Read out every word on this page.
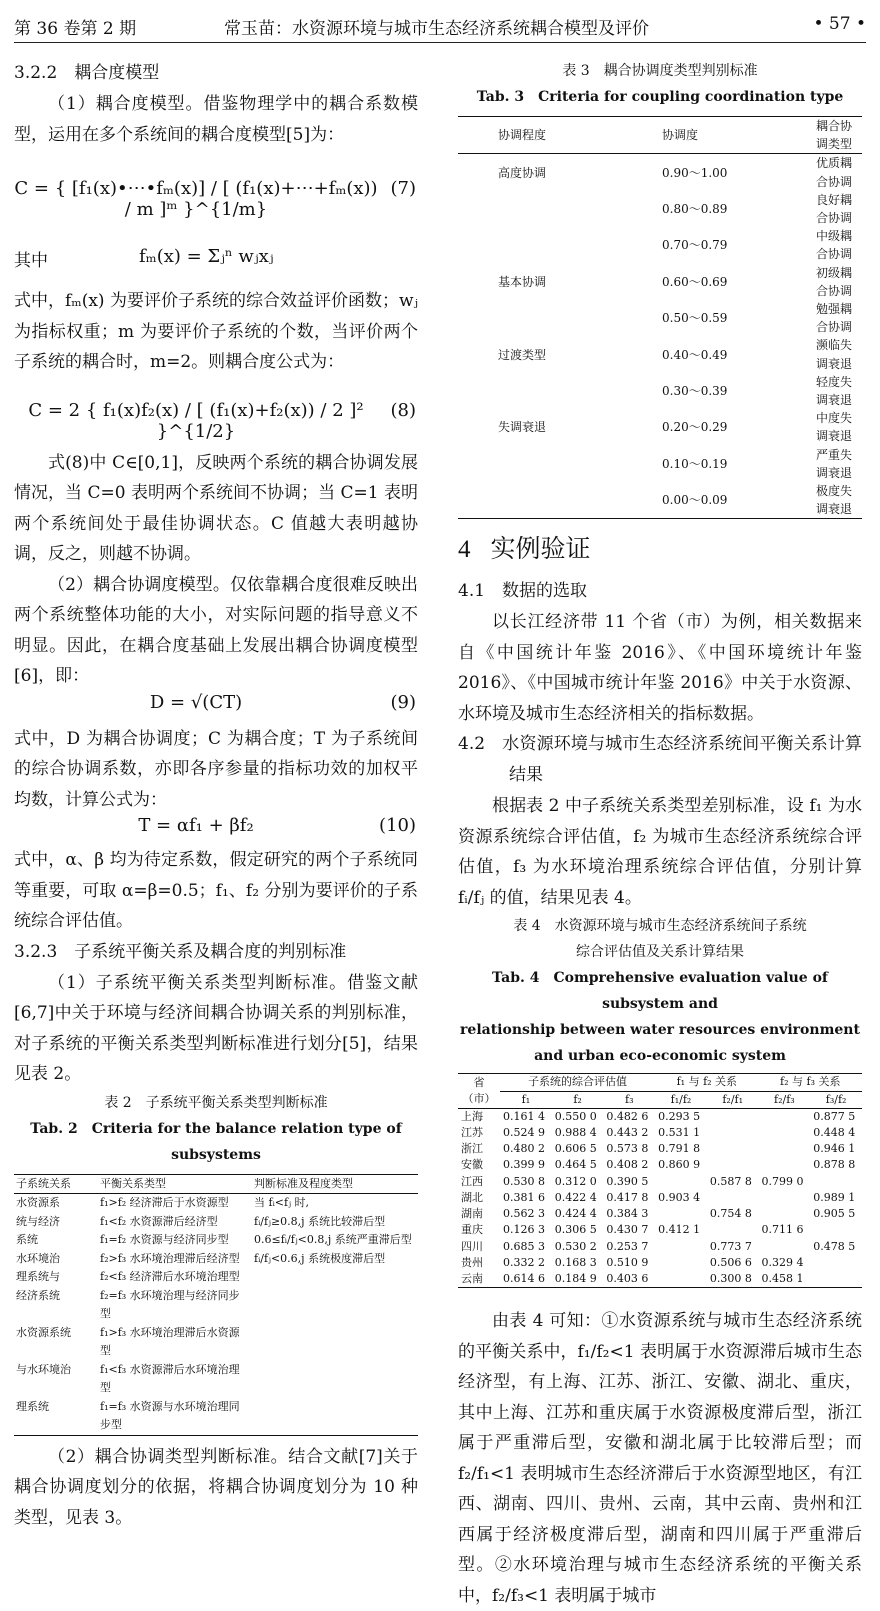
第 36 卷第 2 期	常玉苗：水资源环境与城市生态经济系统耦合模型及评价	• 57 •

3.2.2　耦合度模型

（1）耦合度模型。借鉴物理学中的耦合系数模型，运用在多个系统间的耦合度模型[5]为：

C = { [f₁(x)•⋯•fₘ(x)] / [ (f₁(x)+⋯+fₘ(x)) / m ]ᵐ }^{1/m}
(7)
其中	fₘ(x) = Σⱼⁿ wⱼxⱼ

式中，fₘ(x) 为要评价子系统的综合效益评价函数；wⱼ 为指标权重；m 为要评价子系统的个数，当评价两个子系统的耦合时，m=2。则耦合度公式为：

C = 2 { f₁(x)f₂(x) / [ (f₁(x)+f₂(x)) / 2 ]² }^{1/2}
(8)

式(8)中 C∈[0,1]，反映两个系统的耦合协调发展情况，当 C=0 表明两个系统间不协调；当 C=1 表明两个系统间处于最佳协调状态。C 值越大表明越协调，反之，则越不协调。

（2）耦合协调度模型。仅依靠耦合度很难反映出两个系统整体功能的大小，对实际问题的指导意义不明显。因此，在耦合度基础上发展出耦合协调度模型[6]，即：

D = √(CT)	(9)

式中，D 为耦合协调度；C 为耦合度；T 为子系统间的综合协调系数，亦即各序参量的指标功效的加权平均数，计算公式为：

T = αf₁ + βf₂	(10)

式中，α、β 均为待定系数，假定研究的两个子系统同等重要，可取 α=β=0.5；f₁、f₂ 分别为要评价的子系统综合评估值。

3.2.3　子系统平衡关系及耦合度的判别标准

（1）子系统平衡关系类型判断标准。借鉴文献[6,7]中关于环境与经济间耦合协调关系的判别标准，对子系统的平衡关系类型判断标准进行划分[5]，结果见表 2。

表 2　子系统平衡关系类型判断标准

Tab. 2　Criteria for the balance relation type of subsystems

子系统关系	平衡关系类型	判断标准及程度类型
水资源系	f₁>f₂ 经济滞后于水资源型	当 fᵢ<fⱼ 时,
统与经济	f₁<f₂ 水资源滞后经济型	fᵢ/fⱼ≥0.8,j 系统比较滞后型
系统	f₁=f₂ 水资源与经济同步型	0.6≤fᵢ/fⱼ<0.8,j 系统严重滞后型
水环境治	f₂>f₃ 水环境治理滞后经济型	fᵢ/fⱼ<0.6,j 系统极度滞后型
理系统与	f₂<f₃ 经济滞后水环境治理型	
经济系统	f₂=f₃ 水环境治理与经济同步型	
水资源系统	f₁>f₃ 水环境治理滞后水资源型	
与水环境治	f₁<f₃ 水资源滞后水环境治理型	
理系统	f₁=f₃ 水资源与水环境治理同步型	

（2）耦合协调类型判断标准。结合文献[7]关于耦合协调度划分的依据，将耦合协调度划分为 10 种类型，见表 3。

表 3　耦合协调度类型判别标准

Tab. 3　Criteria for coupling coordination type

协调程度	协调度	耦合协调类型
高度协调	0.90～1.00	优质耦合协调
	0.80～0.89	良好耦合协调
	0.70～0.79	中级耦合协调
基本协调	0.60～0.69	初级耦合协调
	0.50～0.59	勉强耦合协调
过渡类型	0.40～0.49	濒临失调衰退
	0.30～0.39	轻度失调衰退
失调衰退	0.20～0.29	中度失调衰退
	0.10～0.19	严重失调衰退
	0.00～0.09	极度失调衰退
4 实例验证

4.1　数据的选取

以长江经济带 11 个省（市）为例，相关数据来自《中国统计年鉴 2016》、《中国环境统计年鉴 2016》、《中国城市统计年鉴 2016》中关于水资源、水环境及城市生态经济相关的指标数据。

4.2　水资源环境与城市生态经济系统间平衡关系计算结果

根据表 2 中子系统关系类型差别标准，设 f₁ 为水资源系统综合评估值，f₂ 为城市生态经济系统综合评估值，f₃ 为水环境治理系统综合评估值，分别计算 fᵢ/fⱼ 的值，结果见表 4。

表 4　水资源环境与城市生态经济系统间子系统

综合评估值及关系计算结果

Tab. 4　Comprehensive evaluation value of subsystem and

relationship between water resources environment

and urban eco-economic system

省	子系统的综合评估值			f₁ 与 f₂ 关系		f₂ 与 f₃ 关系	
（市）	f₁	f₂	f₃	f₁/f₂	f₂/f₁	f₂/f₃	f₃/f₂
上海	0.161 4	0.550 0	0.482 6	0.293 5			0.877 5
江苏	0.524 9	0.988 4	0.443 2	0.531 1			0.448 4
浙江	0.480 2	0.606 5	0.573 8	0.791 8			0.946 1
安徽	0.399 9	0.464 5	0.408 2	0.860 9			0.878 8
江西	0.530 8	0.312 0	0.390 5		0.587 8	0.799 0	
湖北	0.381 6	0.422 4	0.417 8	0.903 4			0.989 1
湖南	0.562 3	0.424 4	0.384 3		0.754 8		0.905 5
重庆	0.126 3	0.306 5	0.430 7	0.412 1		0.711 6	
四川	0.685 3	0.530 2	0.253 7		0.773 7		0.478 5
贵州	0.332 2	0.168 3	0.510 9		0.506 6	0.329 4	
云南	0.614 6	0.184 9	0.403 6		0.300 8	0.458 1	

由表 4 可知：①水资源系统与城市生态经济系统的平衡关系中，f₁/f₂<1 表明属于水资源滞后城市生态经济型，有上海、江苏、浙江、安徽、湖北、重庆，其中上海、江苏和重庆属于水资源极度滞后型，浙江属于严重滞后型，安徽和湖北属于比较滞后型；而 f₂/f₁<1 表明城市生态经济滞后于水资源型地区，有江西、湖南、四川、贵州、云南，其中云南、贵州和江西属于经济极度滞后型，湖南和四川属于严重滞后型。②水环境治理与城市生态经济系统的平衡关系中，f₂/f₃<1 表明属于城市
